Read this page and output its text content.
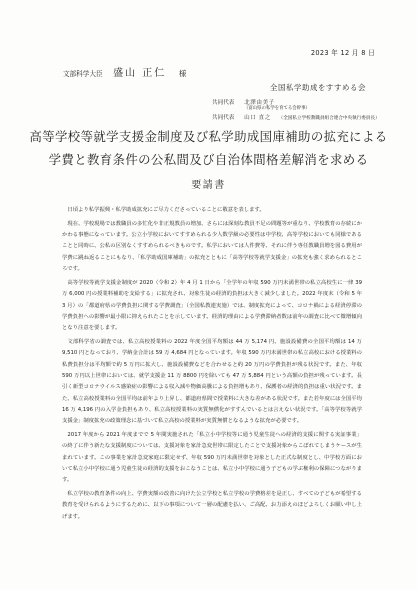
2023 年 12 月 8 日
文部科学大臣 盛山 正仁 様
全国私学助成をすすめる会
共同代表 北澤由美子
（富山県の私学を育てる会幹事）
共同代表 山口 直之 （全国私立学校教職員組合連合中央執行委員長）
高等学校等就学支援金制度及び私学助成国庫補助の拡充による
学費と教育条件の公私間及び自治体間格差解消を求める
要請書

日頃より私学振興・私学助成拡充にご尽力くださっていることに敬意を表します。

現在、学校現場では教職員の多忙化や非正規教員の増加、さらには深刻な教員不足の問題等が重なり、学校教育の存続にかかわる事態になっています。公立小学校においてすすめられる少人数学級の必要性は中学校、高等学校においても同様であることと同時に、公私の区別なくすすめられるべきものです。私学においては人件費等、それに伴う専任教職員増を図る費用が学費に跳ね返ることにもなり、「私学助成国庫補助」の拡充とともに「高等学校等就学支援金」の拡充も強く求められるところです。

高等学校等就学支援金制度が 2020（令和 2）年 4 月 1 日から「全学年の年収 590 万円未満世帯の私立高校生に一律 39 万 6,000 円の授業料補助を支給する」に拡充され、対象生徒の経済的負担は大きく減少しました。2022 年度末（令和 5 年 3 月）の「都道府県の学費負担に関する学費調査」（全国私教連実施）では、制度拡充によって、コロナ禍による経済停滞の学費負担への影響が最小限に抑えられたことを示しています。経済的理由による学費滞納者数は前年の調査に比べて微増傾向となり注意を要します。

文部科学省の調査では、私立高校授業料の 2022 年度全国平均額は 44 万 5,174 円、施設設備費の全国平均額は 14 万 9,510 円となっており、学納金合計は 59 万 4,684 円となっています。年収 590 万円未満世帯の私立高校における授業料の私費負担分は平均額で約 5 万円に拡大し、施設設備費などを合わせると約 20 万円の学費負担が残る状況です。また、年収 590 万円以上世帯においては、就学支援金 11 万 8800 円を除いても 47 万 5,884 円という高額の負担が残っています。長引く新型コロナウイルス感染症の影響による収入減や物価高騰による負担増もあり、保護者の経済的負担は重い状況です。また、私立高校授業料の全国平均は前年より上昇し、都道府県間で授業料に大きな差がある状況です。また若年度には全国平均 16 万 4,196 円の入学金負担もあり、私立高校授業料の実質無償化がすすんでいるとは言えない状況です。「高等学校等就学支援金」制度拡充の政策理念に基づいて私立高校の授業料が実質無償となるような拡充が必要です。

2017 年度から 2021 年度までで 5 年間実施された「私立小中学校等に通う児童生徒への経済的支援に関する実証事業」の終了に伴う新たな支援制度については、支援対象を家計急変世帯に限定したことで支援対象からこぼれてしまうケースが生まれています。この事業を家計急変家庭に限定せず、年収 590 万円未満世帯を対象とした正式な制度とし、中学校方面において私立小中学校に通う児童生徒の経済的支援をおこなうことは、私立小中学校に通う子どもの学ぶ権利の保障につながります。

私立学校の教育条件の向上、学費実額の改善に向けた公立学校と私立学校の学費格差を是正し、すべての子どもが希望する教育を受けられるようにするために、以下の事項について一層の配慮を払い、ご高配、お力添えのほどよろしくお願い申し上げます。
